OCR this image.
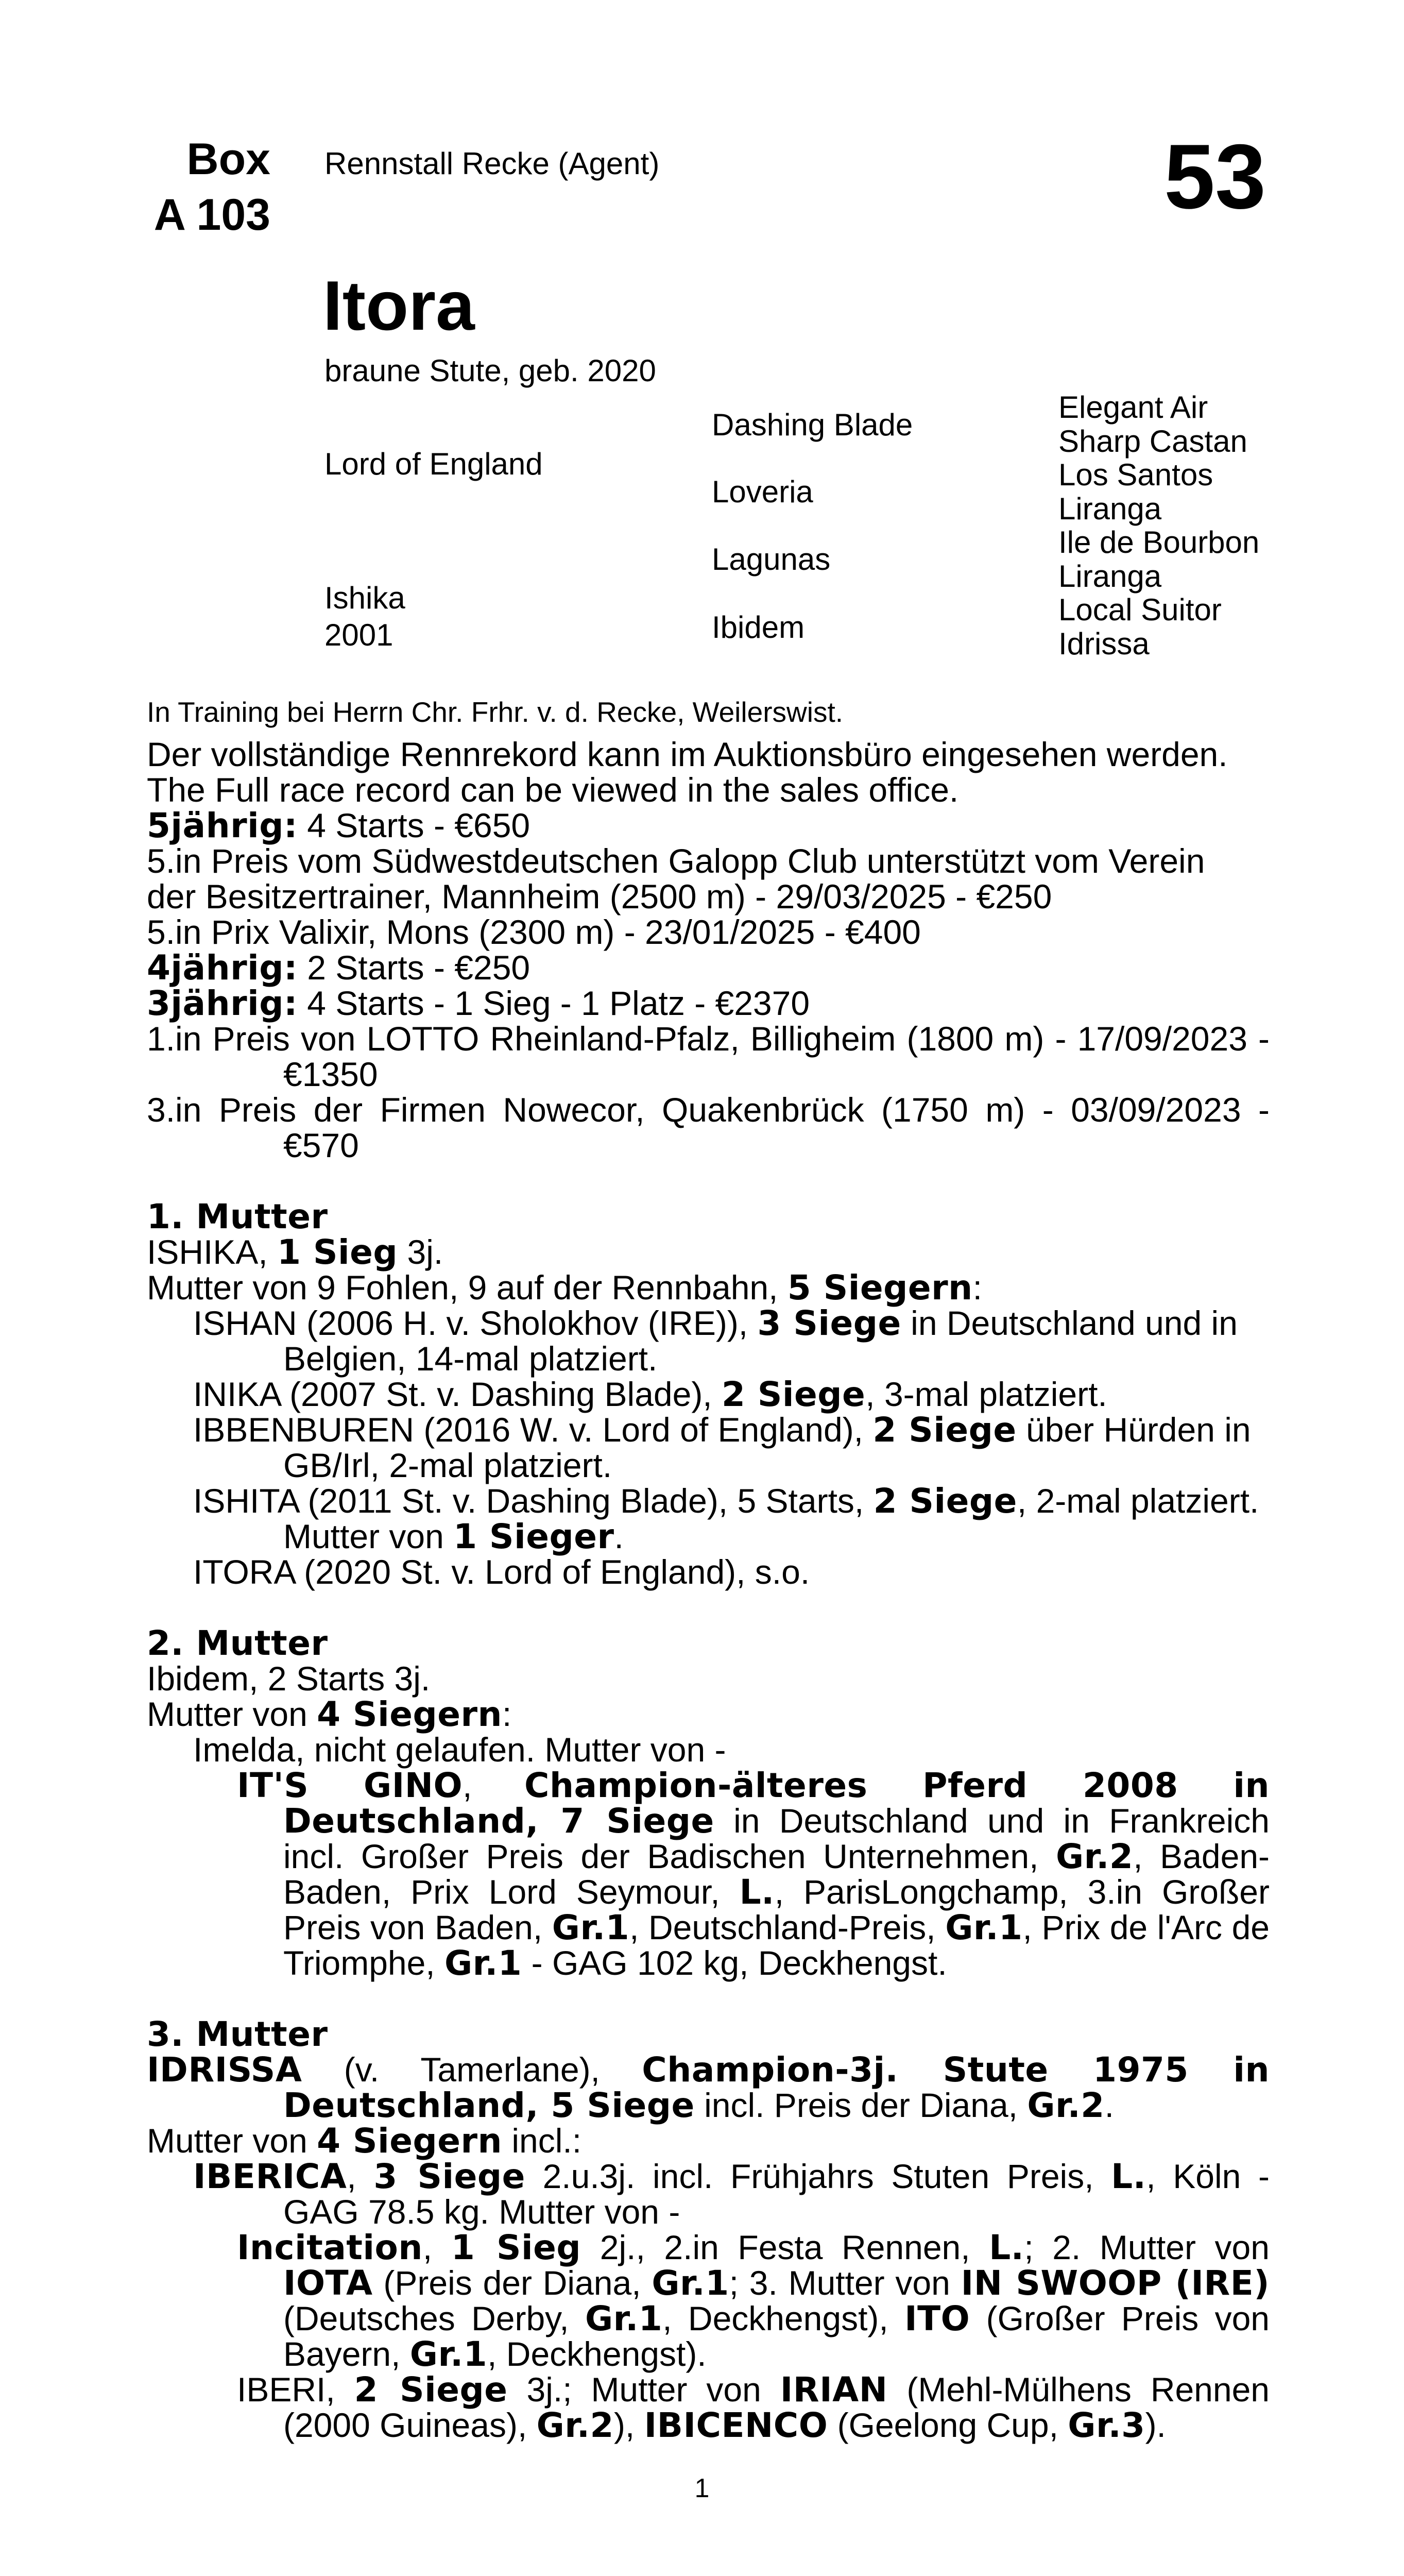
Box
A 103
Rennstall Recke (Agent)	53
Itora
braune Stute, geb. 2020
Lord of England
Ishika
2001
Dashing Blade
Loveria
Lagunas
Ibidem
Elegant Air
Sharp Castan
Los Santos
Liranga
Ile de Bourbon
Liranga
Local Suitor
Idrissa
In Training bei Herrn Chr. Frhr. v. d. Recke, Weilerswist.

Der vollständige Rennrekord kann im Auktionsbüro eingesehen werden.

The Full race record can be viewed in the sales office.

5jährig: 4 Starts - €650

5.in Preis vom Südwestdeutschen Galopp Club unterstützt vom Verein

der Besitzertrainer, Mannheim (2500 m) - 29/03/2025 - €250

5.in Prix Valixir, Mons (2300 m) - 23/01/2025 - €400

4jährig: 2 Starts - €250

3jährig: 4 Starts - 1 Sieg - 1 Platz - €2370

1.in Preis von LOTTO Rheinland-Pfalz, Billigheim (1800 m) - 17/09/2023 - €1350

3.in Preis der Firmen Nowecor, Quakenbrück (1750 m) - 03/09/2023 - €570

1. Mutter

ISHIKA, 1 Sieg 3j.

Mutter von 9 Fohlen, 9 auf der Rennbahn, 5 Siegern:

ISHAN (2006 H. v. Sholokhov (IRE)), 3 Siege in Deutschland und in Belgien, 14-mal platziert.

INIKA (2007 St. v. Dashing Blade), 2 Siege, 3-mal platziert.

IBBENBUREN (2016 W. v. Lord of England), 2 Siege über Hürden in GB/Irl, 2-mal platziert.

ISHITA (2011 St. v. Dashing Blade), 5 Starts, 2 Siege, 2-mal platziert.

Mutter von 1 Sieger.

ITORA (2020 St. v. Lord of England), s.o.

2. Mutter

Ibidem, 2 Starts 3j.

Mutter von 4 Siegern:

Imelda, nicht gelaufen. Mutter von -

IT'S GINO, Champion-älteres Pferd 2008 in Deutschland, 7 Siege in Deutschland und in Frankreich incl. Großer Preis der Badischen Unternehmen, Gr.2, Baden-Baden, Prix Lord Seymour, L., ParisLongchamp, 3.in Großer Preis von Baden, Gr.1, Deutschland-Preis, Gr.1, Prix de l'Arc de Triomphe, Gr.1 - GAG 102 kg, Deckhengst.

3. Mutter

IDRISSA (v. Tamerlane), Champion-3j. Stute 1975 in Deutschland, 5 Siege incl. Preis der Diana, Gr.2.

Mutter von 4 Siegern incl.:

IBERICA, 3 Siege 2.u.3j. incl. Frühjahrs Stuten Preis, L., Köln - GAG 78.5 kg. Mutter von -

Incitation, 1 Sieg 2j., 2.in Festa Rennen, L.; 2. Mutter von IOTA (Preis der Diana, Gr.1; 3. Mutter von IN SWOOP (IRE) (Deutsches Derby, Gr.1, Deckhengst), ITO (Großer Preis von Bayern, Gr.1, Deckhengst).

IBERI, 2 Siege 3j.; Mutter von IRIAN (Mehl-Mülhens Rennen (2000 Guineas), Gr.2), IBICENCO (Geelong Cup, Gr.3).

1
